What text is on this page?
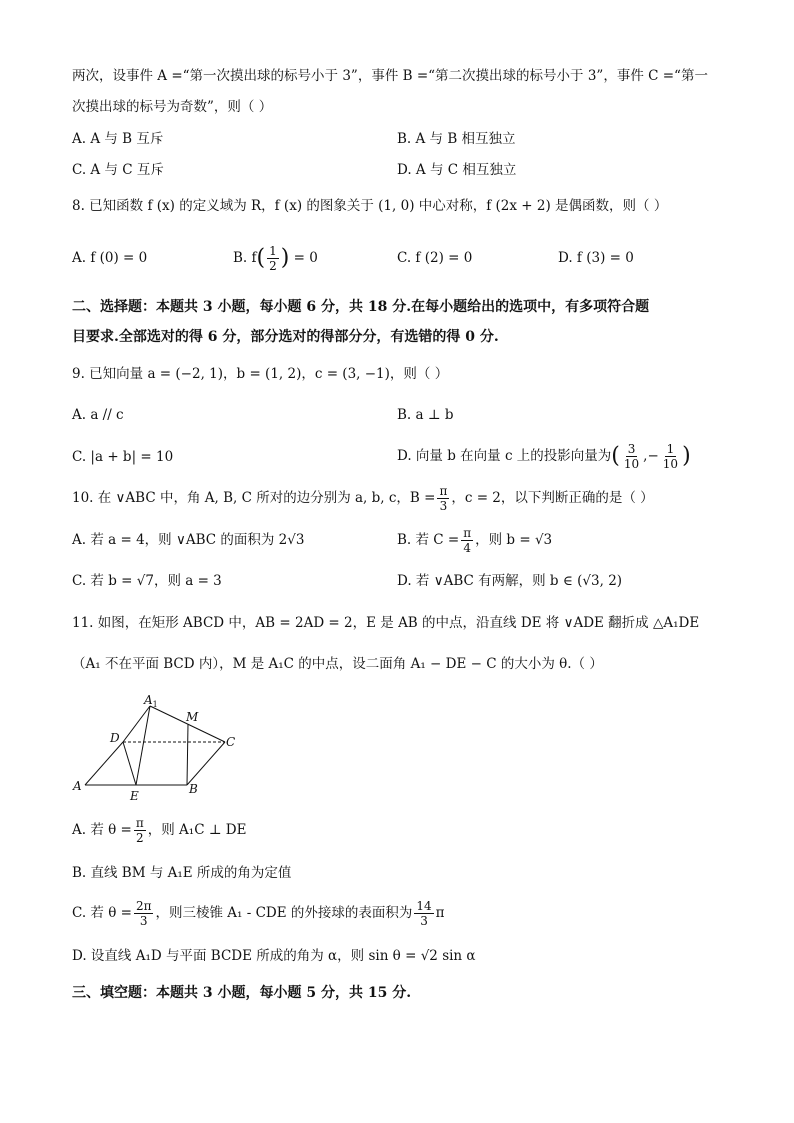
两次，设事件 A =“第一次摸出球的标号小于 3”，事件 B =“第二次摸出球的标号小于 3”，事件 C =“第一
次摸出球的标号为奇数”，则（ ）
A. A 与 B 互斥	B. A 与 B 相互独立
C. A 与 C 互斥	D. A 与 C 相互独立
8. 已知函数 f (x) 的定义域为 R，f (x) 的图象关于 (1, 0) 中心对称，f (2x + 2) 是偶函数，则（ ）
A. f (0) = 0	B. $f( \frac{1}{2}$ ) = 0	C. f (2) = 0	D. f (3) = 0
二、选择题：本题共 3 小题，每小题 6 分，共 18 分.在每小题给出的选项中，有多项符合题
目要求.全部选对的得 6 分，部分选对的得部分分，有选错的得 0 分.
9. 已知向量 a = (−2, 1)，b = (1, 2)，c = (3, −1)，则（ ）
A. a // c	B. a ⊥ b
C. |a + b| = 10	D. 向量 b 在向量 c 上的投影向量为( $\frac{3}{10}$ ,− $\frac{1}{10}$ )
10. 在 ∨ABC 中，角 A, B, C 所对的边分别为 a, b, c，$B = \frac{\pi}{3}$ ，c = 2，以下判断正确的是（ ）
A. 若 a = 4，则 ∨ABC 的面积为 2√3	B. 若 $C = \frac{\pi}{4}$ ，则 b = √3
C. 若 b = √7，则 a = 3	D. 若 ∨ABC 有两解，则 b ∈ (√3, 2)
11. 如图，在矩形 ABCD 中，AB = 2AD = 2，E 是 AB 的中点，沿直线 DE 将 ∨ADE 翻折成 △A₁DE
（A₁ 不在平面 BCD 内），M 是 A₁C 的中点，设二面角 A₁ − DE − C 的大小为 θ.（ ）
$A_1$
M
D	C
A
E	B
A. 若 $\theta = \frac{\pi}{2}$ ，则 A₁C ⊥ DE
B. 直线 BM 与 A₁E 所成的角为定值
C. 若 $\theta = \frac{2\pi}{3}$ ，则三棱锥 A₁ - CDE 的外接球的表面积为 $\frac{14}{3}$ π
D. 设直线 A₁D 与平面 BCDE 所成的角为 α，则 sin θ = √2 sin α
三、填空题：本题共 3 小题，每小题 5 分，共 15 分.
